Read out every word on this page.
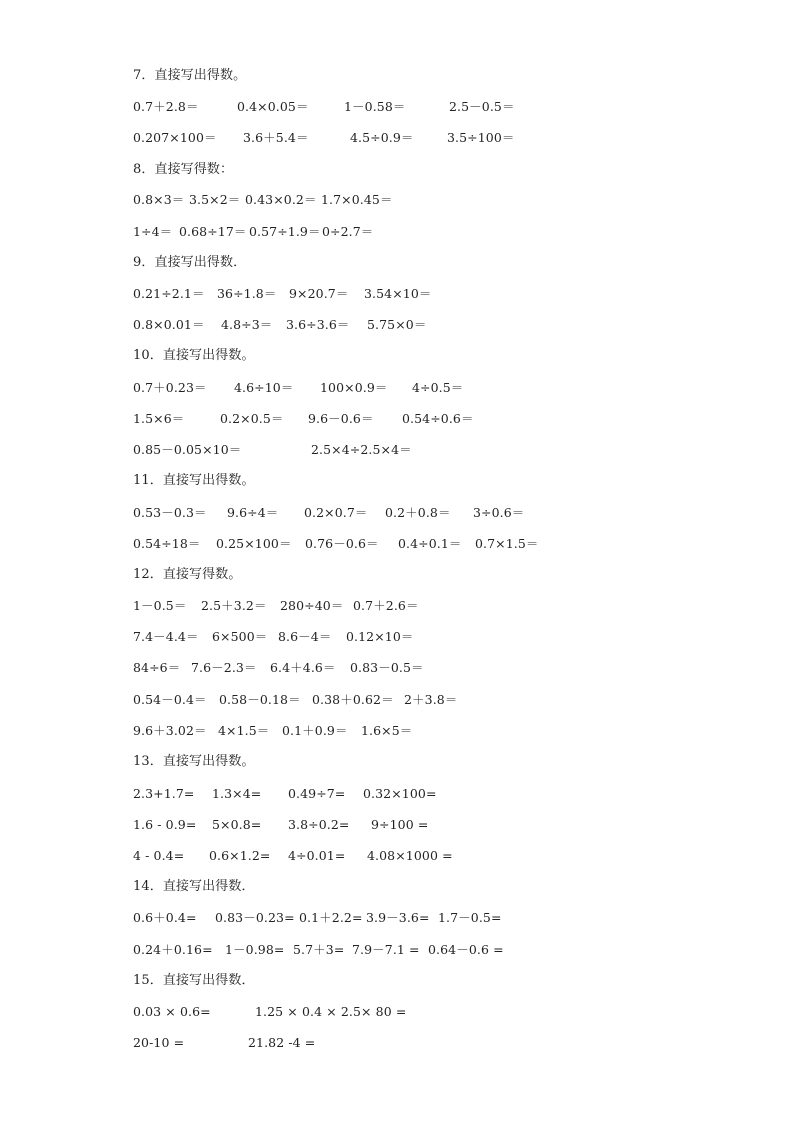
7．直接写出得数。
0.7＋2.8＝	0.4×0.05＝	1－0.58＝	2.5－0.5＝
0.207×100＝ 3.6＋5.4＝	4.5÷0.9＝	3.5÷100＝
8．直接写得数：
0.8×3＝ 3.5×2＝ 0.43×0.2＝ 1.7×0.45＝
1÷4＝ 0.68÷17＝ 0.57÷1.9＝ 0÷2.7＝
9．直接写出得数．
0.21÷2.1＝ 36÷1.8＝ 9×20.7＝ 3.54×10＝
0.8×0.01＝ 4.8÷3＝ 3.6÷3.6＝ 5.75×0＝
10．直接写出得数。
0.7＋0.23＝ 4.6÷10＝ 100×0.9＝ 4÷0.5＝
1.5×6＝	0.2×0.5＝ 9.6－0.6＝ 0.54÷0.6＝
0.85－0.05×10＝	2.5×4÷2.5×4＝
11．直接写出得数。
0.53－0.3＝ 9.6÷4＝ 0.2×0.7＝ 0.2＋0.8＝ 3÷0.6＝
0.54÷18＝ 0.25×100＝ 0.76－0.6＝ 0.4÷0.1＝ 0.7×1.5＝
12．直接写得数。
1－0.5＝ 2.5＋3.2＝ 280÷40＝ 0.7＋2.6＝
7.4－4.4＝ 6×500＝ 8.6－4＝ 0.12×10＝
84÷6＝ 7.6－2.3＝ 6.4＋4.6＝ 0.83－0.5＝
0.54－0.4＝ 0.58－0.18＝ 0.38＋0.62＝ 2＋3.8＝
9.6＋3.02＝ 4×1.5＝ 0.1＋0.9＝ 1.6×5＝
13．直接写出得数。
2.3+1.7= 1.3×4= 0.49÷7= 0.32×100=
1.6 - 0.9= 5×0.8= 3.8÷0.2= 9÷100 =
4 - 0.4= 0.6×1.2= 4÷0.01= 4.08×1000 =
14．直接写出得数．
0.6＋0.4= 0.83－0.23= 0.1＋2.2= 3.9－3.6= 1.7－0.5=
0.24＋0.16= 1－0.98= 5.7＋3= 7.9－7.1 = 0.64－0.6 =
15．直接写出得数．
0.03 × 0.6=	1.25 × 0.4 × 2.5× 80 =
20-10 =	21.82 -4 =
